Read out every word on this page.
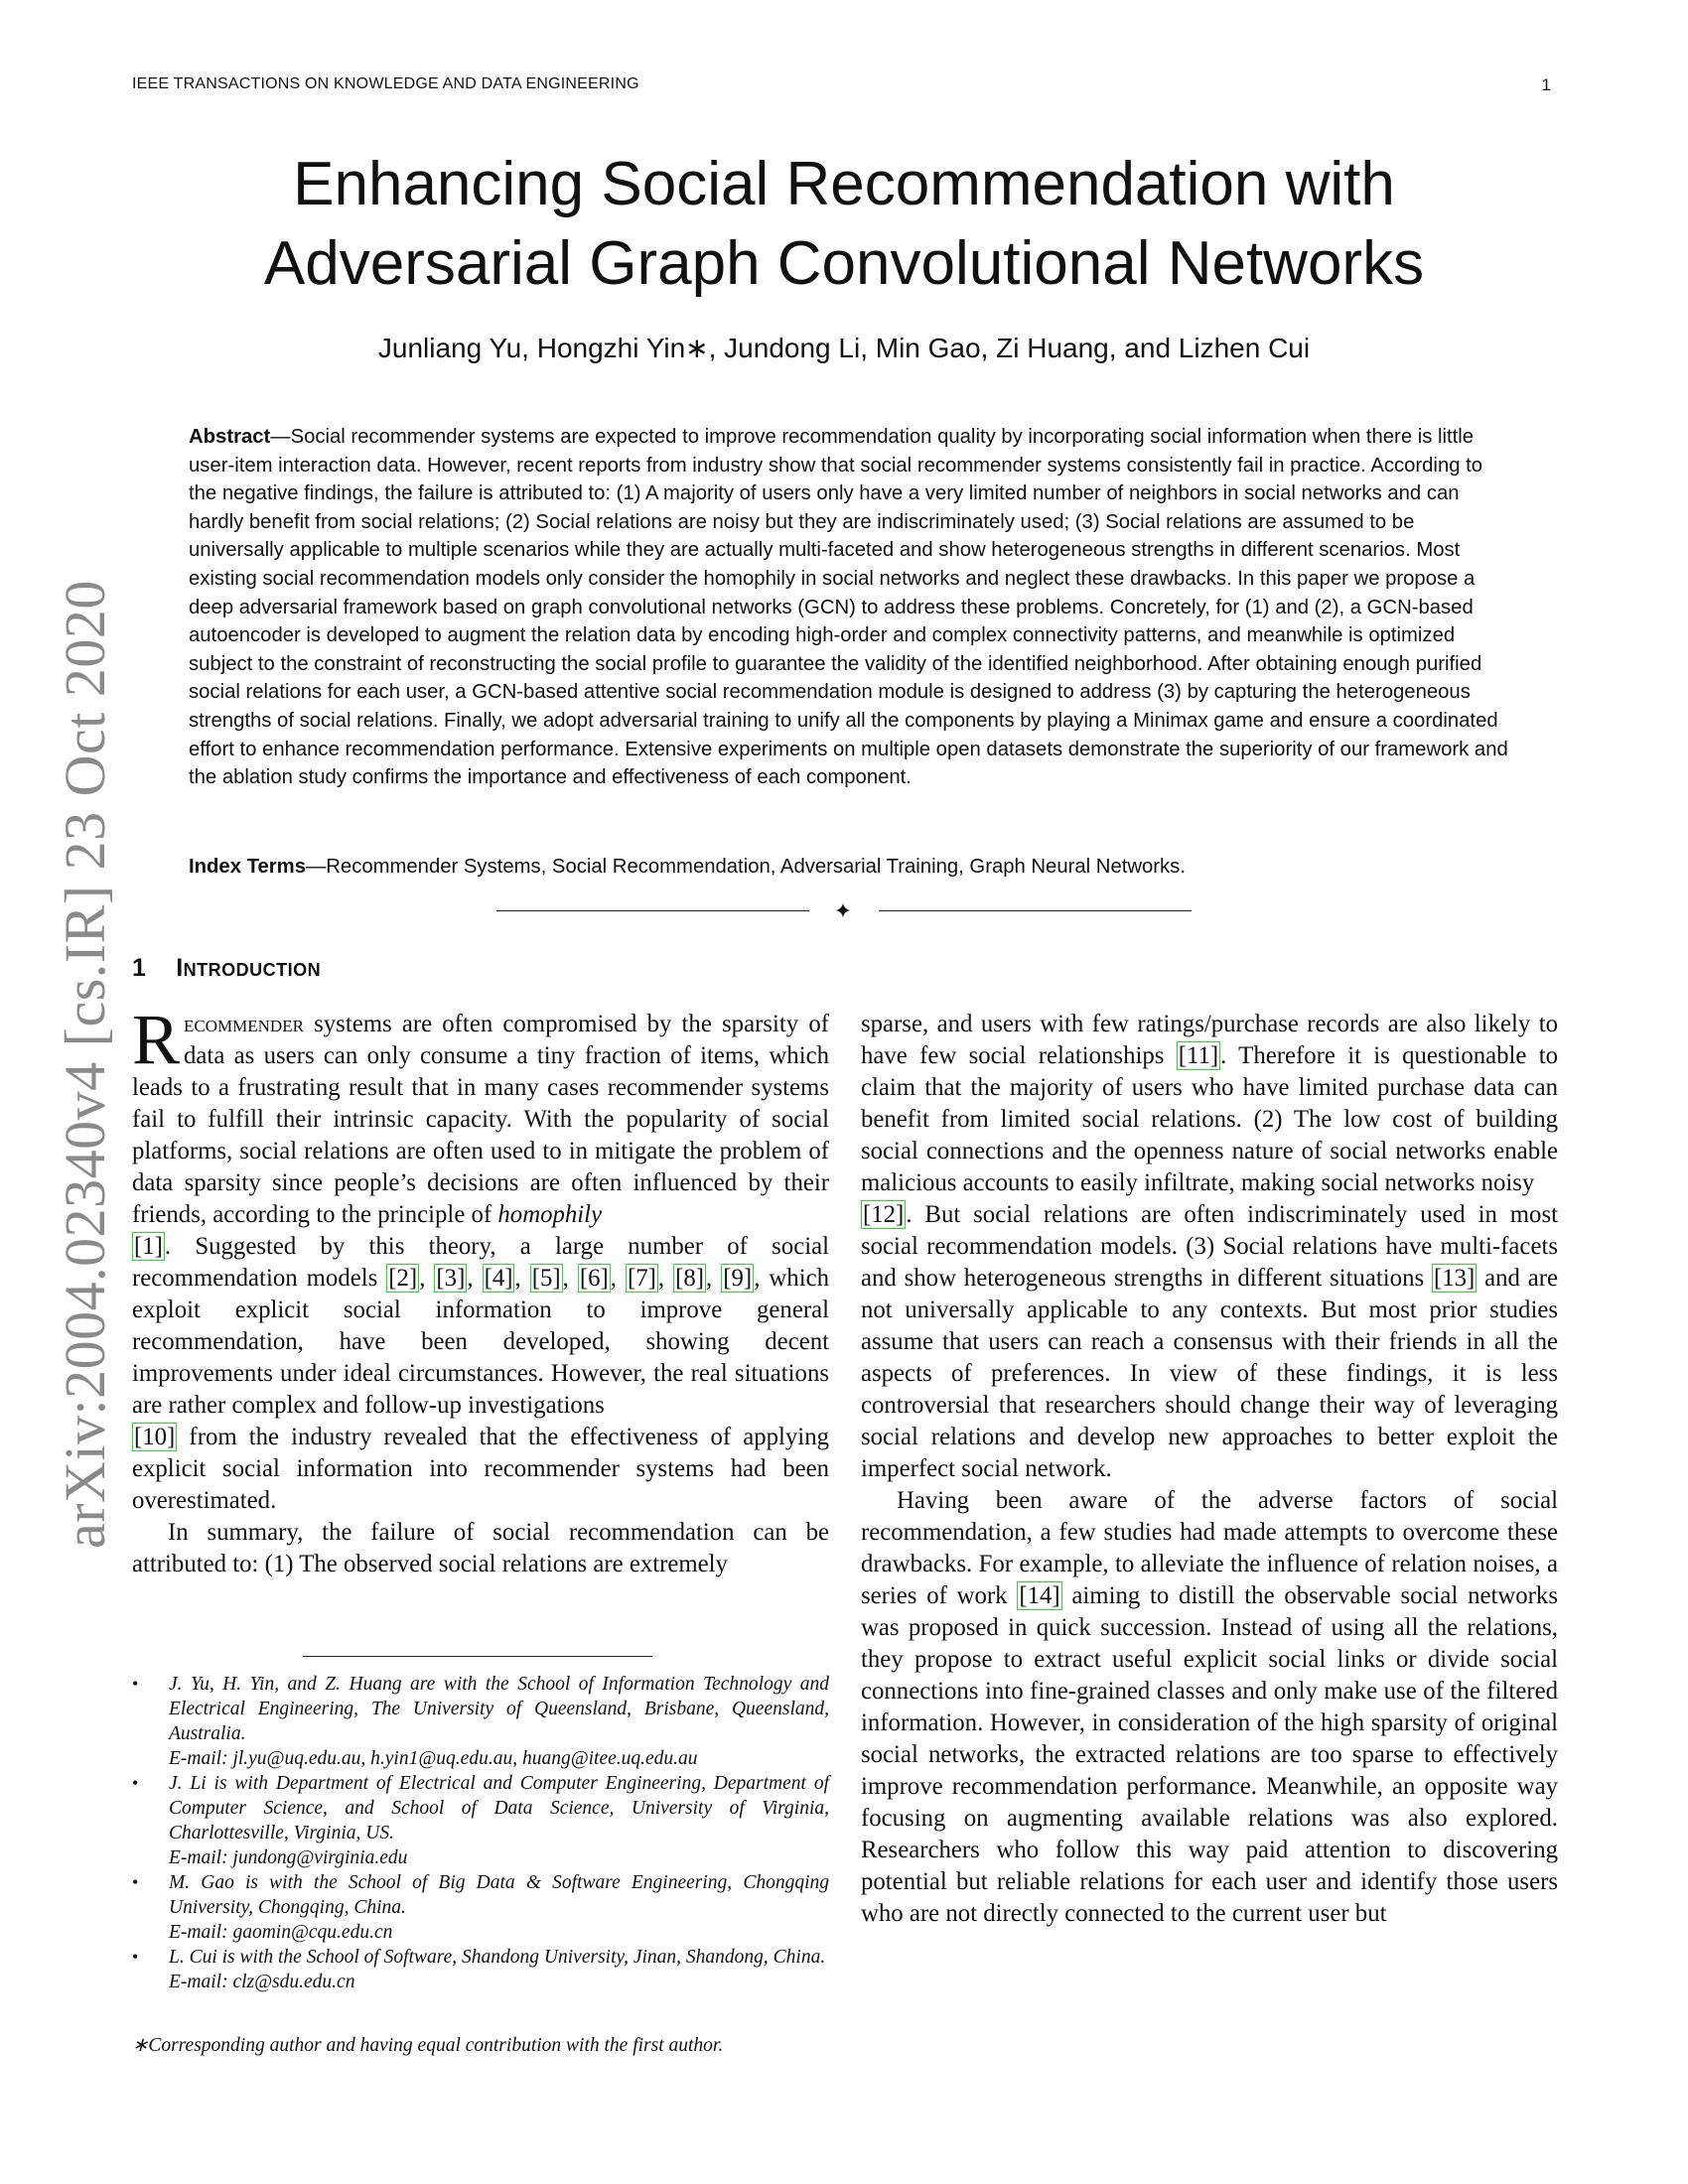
IEEE TRANSACTIONS ON KNOWLEDGE AND DATA ENGINEERING	1
arXiv:2004.02340v4 [cs.IR] 23 Oct 2020
Enhancing Social Recommendation with Adversarial Graph Convolutional Networks
Junliang Yu, Hongzhi Yin∗, Jundong Li, Min Gao, Zi Huang, and Lizhen Cui
Abstract—Social recommender systems are expected to improve recommendation quality by incorporating social information when there is little user-item interaction data. However, recent reports from industry show that social recommender systems consistently fail in practice. According to the negative findings, the failure is attributed to: (1) A majority of users only have a very limited number of neighbors in social networks and can hardly benefit from social relations; (2) Social relations are noisy but they are indiscriminately used; (3) Social relations are assumed to be universally applicable to multiple scenarios while they are actually multi-faceted and show heterogeneous strengths in different scenarios. Most existing social recommendation models only consider the homophily in social networks and neglect these drawbacks. In this paper we propose a deep adversarial framework based on graph convolutional networks (GCN) to address these problems. Concretely, for (1) and (2), a GCN-based autoencoder is developed to augment the relation data by encoding high-order and complex connectivity patterns, and meanwhile is optimized subject to the constraint of reconstructing the social profile to guarantee the validity of the identified neighborhood. After obtaining enough purified social relations for each user, a GCN-based attentive social recommendation module is designed to address (3) by capturing the heterogeneous strengths of social relations. Finally, we adopt adversarial training to unify all the components by playing a Minimax game and ensure a coordinated effort to enhance recommendation performance. Extensive experiments on multiple open datasets demonstrate the superiority of our framework and the ablation study confirms the importance and effectiveness of each component.
Index Terms—Recommender Systems, Social Recommendation, Adversarial Training, Graph Neural Networks.
✦
1 Introduction

Recommender systems are often compromised by the sparsity of data as users can only consume a tiny fraction of items, which leads to a frustrating result that in many cases recommender systems fail to fulfill their intrinsic capacity. With the popularity of social platforms, social relations are often used to in mitigate the problem of data sparsity since people’s decisions are often influenced by their friends, according to the principle of homophily
[1]. Suggested by this theory, a large number of social recommendation models [2], [3], [4], [5], [6], [7], [8], [9], which exploit explicit social information to improve general recommendation, have been developed, showing decent improvements under ideal circumstances. However, the real situations are rather complex and follow-up investigations
[10] from the industry revealed that the effectiveness of applying explicit social information into recommender systems had been overestimated.

In summary, the failure of social recommendation can be attributed to: (1) The observed social relations are extremely

• J. Yu, H. Yin, and Z. Huang are with the School of Information Technology and Electrical Engineering, The University of Queensland, Brisbane, Queensland, Australia.
E-mail: jl.yu@uq.edu.au, h.yin1@uq.edu.au, huang@itee.uq.edu.au
• J. Li is with Department of Electrical and Computer Engineering, Department of Computer Science, and School of Data Science, University of Virginia, Charlottesville, Virginia, US.
E-mail: jundong@virginia.edu
• M. Gao is with the School of Big Data & Software Engineering, Chongqing University, Chongqing, China.
E-mail: gaomin@cqu.edu.cn
• L. Cui is with the School of Software, Shandong University, Jinan, Shandong, China.
E-mail: clz@sdu.edu.cn
∗Corresponding author and having equal contribution with the first author.

sparse, and users with few ratings/purchase records are also likely to have few social relationships [11]. Therefore it is questionable to claim that the majority of users who have limited purchase data can benefit from limited social relations. (2) The low cost of building social connections and the openness nature of social networks enable malicious accounts to easily infiltrate, making social networks noisy
[12]. But social relations are often indiscriminately used in most social recommendation models. (3) Social relations have multi-facets and show heterogeneous strengths in different situations [13] and are not universally applicable to any contexts. But most prior studies assume that users can reach a consensus with their friends in all the aspects of preferences. In view of these findings, it is less controversial that researchers should change their way of leveraging social relations and develop new approaches to better exploit the imperfect social network.

Having been aware of the adverse factors of social recommendation, a few studies had made attempts to overcome these drawbacks. For example, to alleviate the influence of relation noises, a series of work [14] aiming to distill the observable social networks was proposed in quick succession. Instead of using all the relations, they propose to extract useful explicit social links or divide social connections into fine-grained classes and only make use of the filtered information. However, in consideration of the high sparsity of original social networks, the extracted relations are too sparse to effectively improve recommendation performance. Meanwhile, an opposite way focusing on augmenting available relations was also explored. Researchers who follow this way paid attention to discovering potential but reliable relations for each user and identify those users who are not directly connected to the current user but
